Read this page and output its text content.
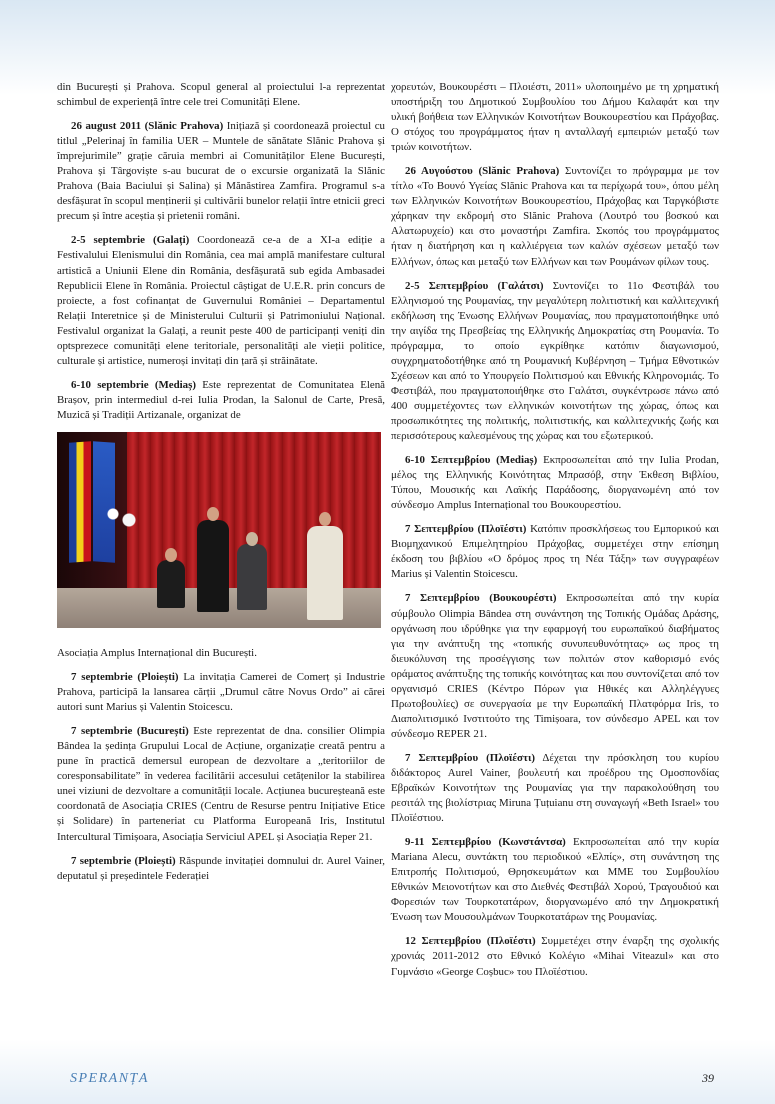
din București și Prahova. Scopul general al proiectului l-a reprezentat schimbul de experiență între cele trei Comunități Elene.

26 august 2011 (Slănic Prahova) Inițiază și coordonează proiectul cu titlul „Pelerinaj în familia UER – Muntele de sănătate Slănic Prahova și împrejurimile” grație căruia membri ai Comunităților Elene București, Prahova și Târgoviște s-au bucurat de o excursie organizată la Slănic Prahova (Baia Baciului și Salina) și Mănăstirea Zamfira. Programul s-a desfășurat în scopul menținerii și cultivării bunelor relații între etnicii greci precum și între aceștia și prietenii români.

2-5 septembrie (Galați) Coordonează ce-a de a XI-a ediție a Festivalului Elenismului din România, cea mai amplă manifestare cultural artistică a Uniunii Elene din România, desfășurată sub egida Ambasadei Republicii Elene în România. Proiectul câștigat de U.E.R. prin concurs de proiecte, a fost cofinanțat de Guvernului României – Departamentul Relații Interetnice și de Ministerului Culturii și Patrimoniului Național. Festivalul organizat la Galați, a reunit peste 400 de participanți veniți din optsprezece comunități elene teritoriale, personalități ale vieții politice, culturale și artistice, numeroși invitați din țară și străinătate.

6-10 septembrie (Mediaș) Este reprezentat de Comunitatea Elenă Brașov, prin intermediul d-rei Iulia Prodan, la Salonul de Carte, Presă, Muzică și Tradiții Artizanale, organizat de

Asociația Amplus Internațional din București.

7 septembrie (Ploiești) La invitația Camerei de Comerț și Industrie Prahova, participă la lansarea cărții „Drumul către Novus Ordo” ai cărei autori sunt Marius și Valentin Stoicescu.

7 septembrie (București) Este reprezentat de dna. consilier Olimpia Bândea la ședința Grupului Local de Acțiune, organizație creată pentru a pune în practică demersul european de dezvoltare a „teritoriilor de coresponsabilitate” în vederea facilitării accesului cetățenilor la stabilirea unei viziuni de dezvoltare a comunității locale. Acțiunea bucureșteană este coordonată de Asociația CRIES (Centru de Resurse pentru Inițiative Etice și Solidare) în parteneriat cu Platforma Europeană Iris, Institutul Intercultural Timișoara, Asociația Serviciul APEL și Asociația Reper 21.

7 septembrie (Ploiești) Răspunde invitației domnului dr. Aurel Vainer, deputatul și președintele Federației

χορευτών, Βουκουρέστι – Πλοιέστι, 2011» υλοποιημένο με τη χρηματική υποστήριξη του Δημοτικού Συμβουλίου του Δήμου Καλαφάτ και την υλική βοήθεια των Ελληνικών Κοινοτήτων Βουκουρεστίου και Πράχοβας. Ο στόχος του προγράμματος ήταν η ανταλλαγή εμπειριών μεταξύ των τριών κοινοτήτων.

26 Αυγούστου (Slănic Prahova) Συντονίζει το πρόγραμμα με τον τίτλο «Το Βουνό Υγείας Slănic Prahova και τα περίχωρά του», όπου μέλη των Ελληνικών Κοινοτήτων Βουκουρεστίου, Πράχοβας και Ταργκόβιστε χάρηκαν την εκδρομή στο Slănic Prahova (Λουτρό του βοσκού και Αλατωρυχείο) και στο μοναστήρι Zamfira. Σκοπός του προγράμματος ήταν η διατήρηση και η καλλιέργεια των καλών σχέσεων μεταξύ των Ελλήνων, όπως και μεταξύ των Ελλήνων και των Ρουμάνων φίλων τους.

2-5 Σεπτεμβρίου (Γαλάτσι) Συντονίζει το 11ο Φεστιβάλ του Ελληνισμού της Ρουμανίας, την μεγαλύτερη πολιτιστική και καλλιτεχνική εκδήλωση της Ένωσης Ελλήνων Ρουμανίας, που πραγματοποιήθηκε υπό την αιγίδα της Πρεσβείας της Ελληνικής Δημοκρατίας στη Ρουμανία. Το πρόγραμμα, το οποίο εγκρίθηκε κατόπιν διαγωνισμού, συγχρηματοδοτήθηκε από τη Ρουμανική Κυβέρνηση – Τμήμα Εθνοτικών Σχέσεων και από το Υπουργείο Πολιτισμού και Εθνικής Κληρονομιάς. Το Φεστιβάλ, που πραγματοποιήθηκε στο Γαλάτσι, συγκέντρωσε πάνω από 400 συμμετέχοντες των ελληνικών κοινοτήτων της χώρας, όπως και προσωπικότητες της πολιτικής, πολιτιστικής, και καλλιτεχνικής ζωής και περισσότερους καλεσμένους της χώρας και του εξωτερικού.

6-10 Σεπτεμβρίου (Mediaș) Εκπροσωπείται από την Iulia Prodan, μέλος της Ελληνικής Κοινότητας Μπρασόβ, στην Έκθεση Βιβλίου, Τύπου, Μουσικής και Λαϊκής Παράδοσης, διοργανωμένη από τον σύνδεσμο Amplus Internațional του Βουκουρεστίου.

7 Σεπτεμβρίου (Πλοϊέστι) Κατόπιν προσκλήσεως του Εμπορικού και Βιομηχανικού Επιμελητηρίου Πράχοβας, συμμετέχει στην επίσημη έκδοση του βιβλίου «Ο δρόμος προς τη Νέα Τάξη» των συγγραφέων Marius și Valentin Stoicescu.

7 Σεπτεμβρίου (Βουκουρέστι) Εκπροσωπείται από την κυρία σύμβουλο Olimpia Bândea στη συνάντηση της Τοπικής Ομάδας Δράσης, οργάνωση που ιδρύθηκε για την εφαρμογή του ευρωπαϊκού διαβήματος για την ανάπτυξη της «τοπικής συνυπευθυνότητας» ως προς τη διευκόλυνση της προσέγγισης των πολιτών στον καθορισμό ενός οράματος ανάπτυξης της τοπικής κοινότητας και που συντονίζεται από τον οργανισμό CRIES (Κέντρο Πόρων για Ηθικές και Αλληλέγγυες Πρωτοβουλίες) σε συνεργασία με την Ευρωπαϊκή Πλατφόρμα Iris, το Διαπολιτισμικό Ινστιτούτο της Timișoara, τον σύνδεσμο APEL και τον σύνδεσμο REPER 21.

7 Σεπτεμβρίου (Πλοϊέστι) Δέχεται την πρόσκληση του κυρίου διδάκτορος Aurel Vainer, βουλευτή και προέδρου της Ομοσπονδίας Εβραϊκών Κοινοτήτων της Ρουμανίας για την παρακολούθηση του ρεσιτάλ της βιολίστριας Miruna Țuțuianu στη συναγωγή «Beth Israel» του Πλοϊέστιου.

9-11 Σεπτεμβρίου (Κωνστάντσα) Εκπροσωπείται από την κυρία Mariana Alecu, συντάκτη του περιοδικού «Ελπίς», στη συνάντηση της Επιτροπής Πολιτισμού, Θρησκευμάτων και ΜΜΕ του Συμβουλίου Εθνικών Μειονοτήτων και στο Διεθνές Φεστιβάλ Χορού, Τραγουδιού και Φορεσιών των Τουρκοτατάρων, διοργανωμένο από την Δημοκρατική Ένωση των Μουσουλμάνων Τουρκοτατάρων της Ρουμανίας.

12 Σεπτεμβρίου (Πλοϊέστι) Συμμετέχει στην έναρξη της σχολικής χρονιάς 2011-2012 στο Εθνικό Κολέγιο «Mihai Viteazul» και στο Γυμνάσιο «George Coșbuc» του Πλοϊέστιου.

SPERANȚA	39
